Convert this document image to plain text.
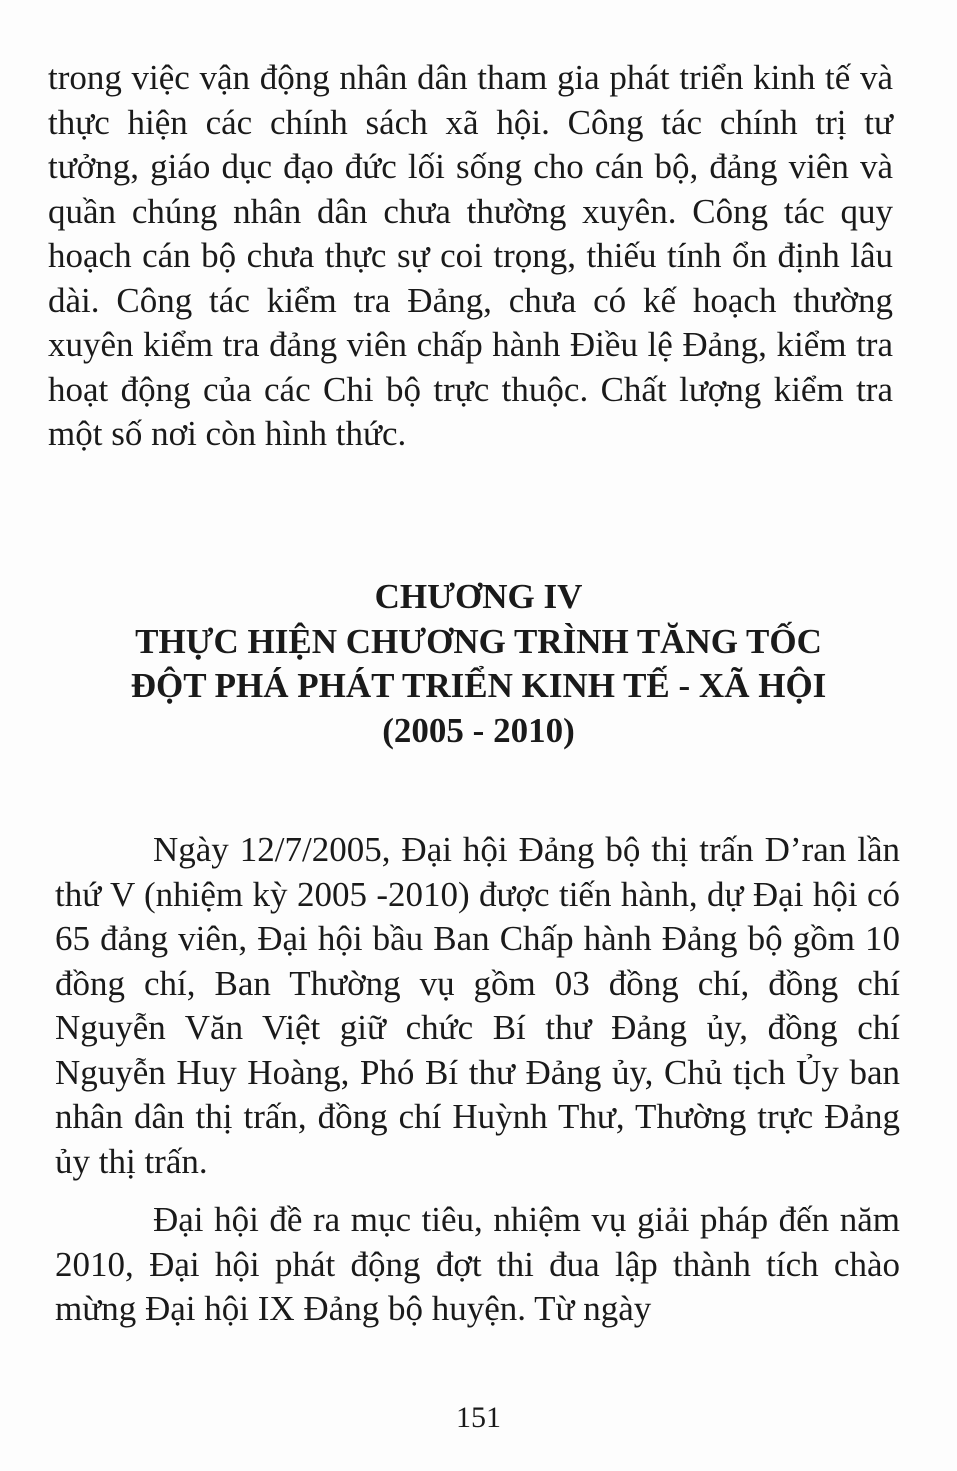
trong việc vận động nhân dân tham gia phát triển kinh tế và thực hiện các chính sách xã hội. Công tác chính trị tư tưởng, giáo dục đạo đức lối sống cho cán bộ, đảng viên và quần chúng nhân dân chưa thường xuyên. Công tác quy hoạch cán bộ chưa thực sự coi trọng, thiếu tính ổn định lâu dài. Công tác kiểm tra Đảng, chưa có kế hoạch thường xuyên kiểm tra đảng viên chấp hành Điều lệ Đảng, kiểm tra hoạt động của các Chi bộ trực thuộc. Chất lượng kiểm tra một số nơi còn hình thức.

CHƯƠNG IV
THỰC HIỆN CHƯƠNG TRÌNH TĂNG TỐC
ĐỘT PHÁ PHÁT TRIỂN KINH TẾ - XÃ HỘI
(2005 - 2010)

Ngày 12/7/2005, Đại hội Đảng bộ thị trấn D’ran lần thứ V (nhiệm kỳ 2005 -2010) được tiến hành, dự Đại hội có 65 đảng viên, Đại hội bầu Ban Chấp hành Đảng bộ gồm 10 đồng chí, Ban Thường vụ gồm 03 đồng chí, đồng chí Nguyễn Văn Việt giữ chức Bí thư Đảng ủy, đồng chí Nguyễn Huy Hoàng, Phó Bí thư Đảng ủy, Chủ tịch Ủy ban nhân dân thị trấn, đồng chí Huỳnh Thư, Thường trực Đảng ủy thị trấn.

Đại hội đề ra mục tiêu, nhiệm vụ giải pháp đến năm 2010, Đại hội phát động đợt thi đua lập thành tích chào mừng Đại hội IX Đảng bộ huyện. Từ ngày

151
